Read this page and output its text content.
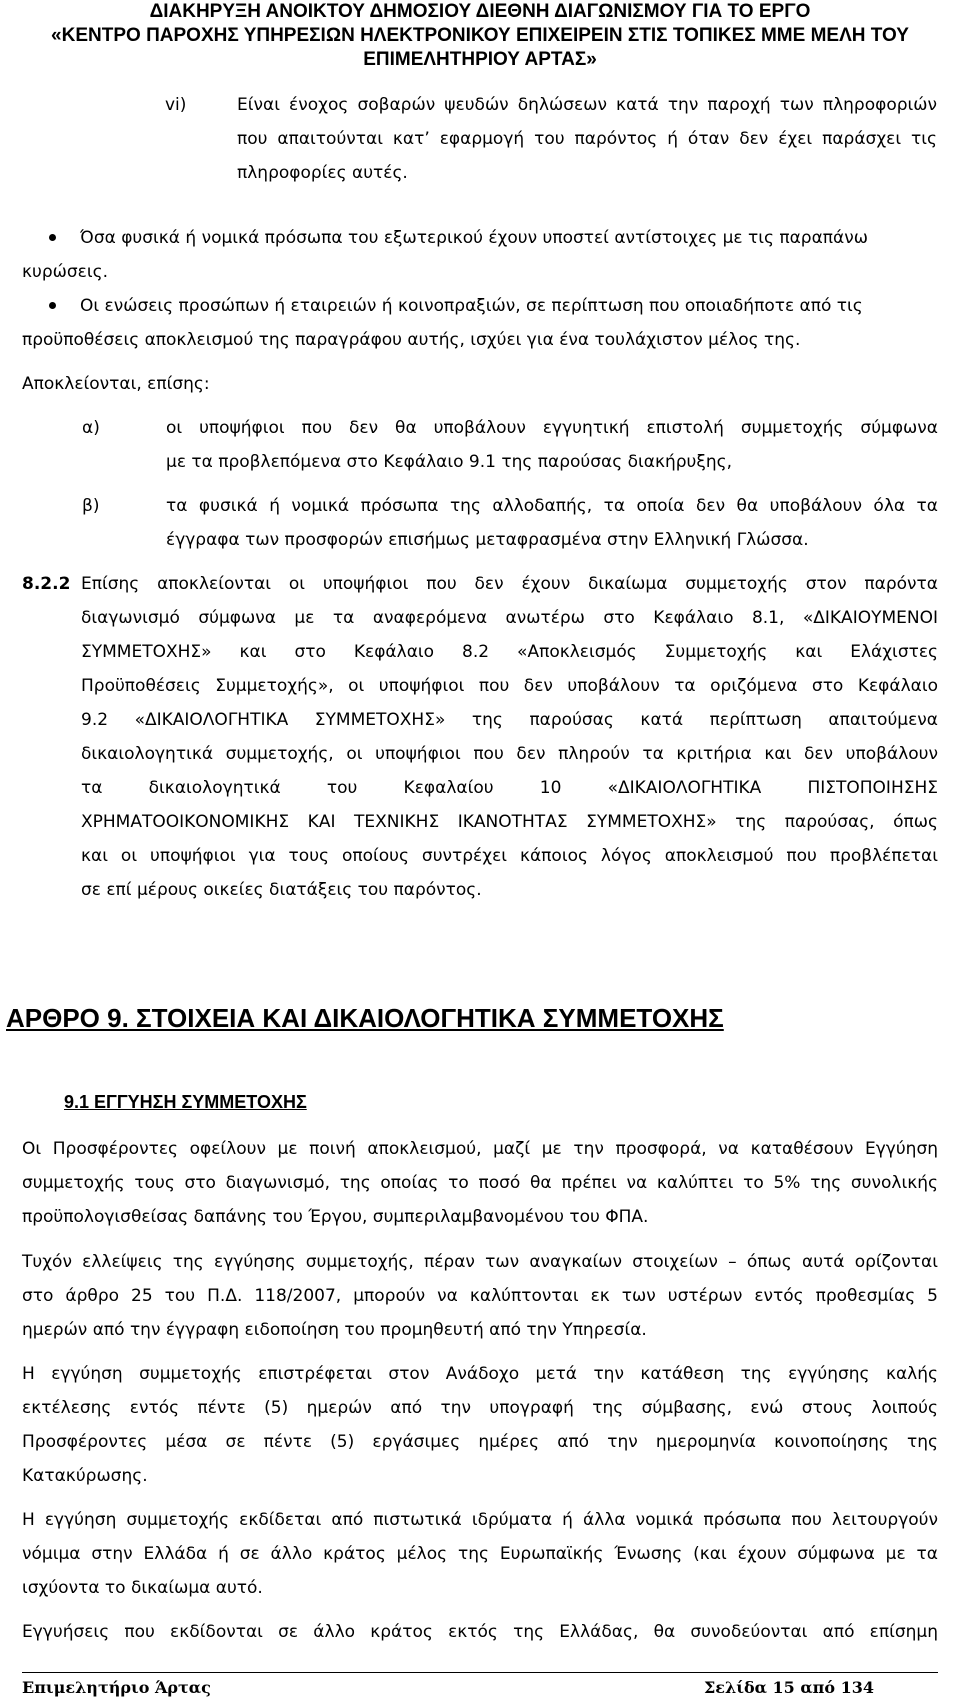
ΔΙΑΚΗΡΥΞΗ ΑΝΟΙΚΤΟΥ ΔΗΜΟΣΙΟΥ ΔΙΕΘΝΗ ΔΙΑΓΩΝΙΣΜΟΥ ΓΙΑ ΤΟ ΕΡΓΟ
«ΚΕΝΤΡΟ ΠΑΡΟΧΗΣ ΥΠΗΡΕΣΙΩΝ ΗΛΕΚΤΡΟΝΙΚΟΥ ΕΠΙΧΕΙΡΕΙΝ ΣΤΙΣ ΤΟΠΙΚΕΣ ΜΜΕ ΜΕΛΗ ΤΟΥ
ΕΠΙΜΕΛΗΤΗΡΙΟΥ ΑΡΤΑΣ»
vi)	Είναι ένοχος σοβαρών ψευδών δηλώσεων κατά την παροχή των πληροφοριών
που απαιτούνται κατ’ εφαρμογή του παρόντος ή όταν δεν έχει παράσχει τις
πληροφορίες αυτές.
Όσα φυσικά ή νομικά πρόσωπα του εξωτερικού έχουν υποστεί αντίστοιχες με τις παραπάνω
κυρώσεις.
Οι ενώσεις προσώπων ή εταιρειών ή κοινοπραξιών, σε περίπτωση που οποιαδήποτε από τις
προϋποθέσεις αποκλεισμού της παραγράφου αυτής, ισχύει για ένα τουλάχιστον μέλος της.
Αποκλείονται, επίσης:
α)	οι υποψήφιοι που δεν θα υποβάλουν εγγυητική επιστολή συμμετοχής σύμφωνα
με τα προβλεπόμενα στο Κεφάλαιο 9.1 της παρούσας διακήρυξης,
β)	τα φυσικά ή νομικά πρόσωπα της αλλοδαπής, τα οποία δεν θα υποβάλουν όλα τα
έγγραφα των προσφορών επισήμως μεταφρασμένα στην Ελληνική Γλώσσα.
8.2.2 Επίσης αποκλείονται οι υποψήφιοι που δεν έχουν δικαίωμα συμμετοχής στον παρόντα
διαγωνισμό σύμφωνα με τα αναφερόμενα ανωτέρω στο Κεφάλαιο 8.1, «ΔΙΚΑΙΟΥΜΕΝΟΙ
ΣΥΜΜΕΤΟΧΗΣ» και στο Κεφάλαιο 8.2 «Αποκλεισμός Συμμετοχής και Ελάχιστες
Προϋποθέσεις Συμμετοχής», οι υποψήφιοι που δεν υποβάλουν τα οριζόμενα στο Κεφάλαιο
9.2 «ΔΙΚΑΙΟΛΟΓΗΤΙΚΑ ΣΥΜΜΕΤΟΧΗΣ» της παρούσας κατά περίπτωση απαιτούμενα
δικαιολογητικά συμμετοχής, οι υποψήφιοι που δεν πληρούν τα κριτήρια και δεν υποβάλουν
τα δικαιολογητικά του Κεφαλαίου 10 «ΔΙΚΑΙΟΛΟΓΗΤΙΚΑ ΠΙΣΤΟΠΟΙΗΣΗΣ
ΧΡΗΜΑΤΟΟΙΚΟΝΟΜΙΚΗΣ ΚΑΙ ΤΕΧΝΙΚΗΣ ΙΚΑΝΟΤΗΤΑΣ ΣΥΜΜΕΤΟΧΗΣ» της παρούσας, όπως
και οι υποψήφιοι για τους οποίους συντρέχει κάποιος λόγος αποκλεισμού που προβλέπεται
σε επί μέρους οικείες διατάξεις του παρόντος.
ΑΡΘΡΟ 9. ΣΤΟΙΧΕΙΑ ΚΑΙ ΔΙΚΑΙΟΛΟΓΗΤΙΚΑ ΣΥΜΜΕΤΟΧΗΣ
9.1 ΕΓΓΥΗΣΗ ΣΥΜΜΕΤΟΧΗΣ
Οι Προσφέροντες οφείλουν με ποινή αποκλεισμού, μαζί με την προσφορά, να καταθέσουν Εγγύηση
συμμετοχής τους στο διαγωνισμό, της οποίας το ποσό θα πρέπει να καλύπτει το 5% της συνολικής
προϋπολογισθείσας δαπάνης του Έργου, συμπεριλαμβανομένου του ΦΠΑ.
Τυχόν ελλείψεις της εγγύησης συμμετοχής, πέραν των αναγκαίων στοιχείων – όπως αυτά ορίζονται
στο άρθρο 25 του Π.Δ. 118/2007, μπορούν να καλύπτονται εκ των υστέρων εντός προθεσμίας 5
ημερών από την έγγραφη ειδοποίηση του προμηθευτή από την Υπηρεσία.
Η εγγύηση συμμετοχής επιστρέφεται στον Ανάδοχο μετά την κατάθεση της εγγύησης καλής
εκτέλεσης εντός πέντε (5) ημερών από την υπογραφή της σύμβασης, ενώ στους λοιπούς
Προσφέροντες μέσα σε πέντε (5) εργάσιμες ημέρες από την ημερομηνία κοινοποίησης της
Κατακύρωσης.
Η εγγύηση συμμετοχής εκδίδεται από πιστωτικά ιδρύματα ή άλλα νομικά πρόσωπα που λειτουργούν
νόμιμα στην Ελλάδα ή σε άλλο κράτος μέλος της Ευρωπαϊκής Ένωσης (και έχουν σύμφωνα με τα
ισχύοντα το δικαίωμα αυτό.
Εγγυήσεις που εκδίδονται σε άλλο κράτος εκτός της Ελλάδας, θα συνοδεύονται από επίσημη
Επιμελητήριο Άρτας	Σελίδα 15 από 134
